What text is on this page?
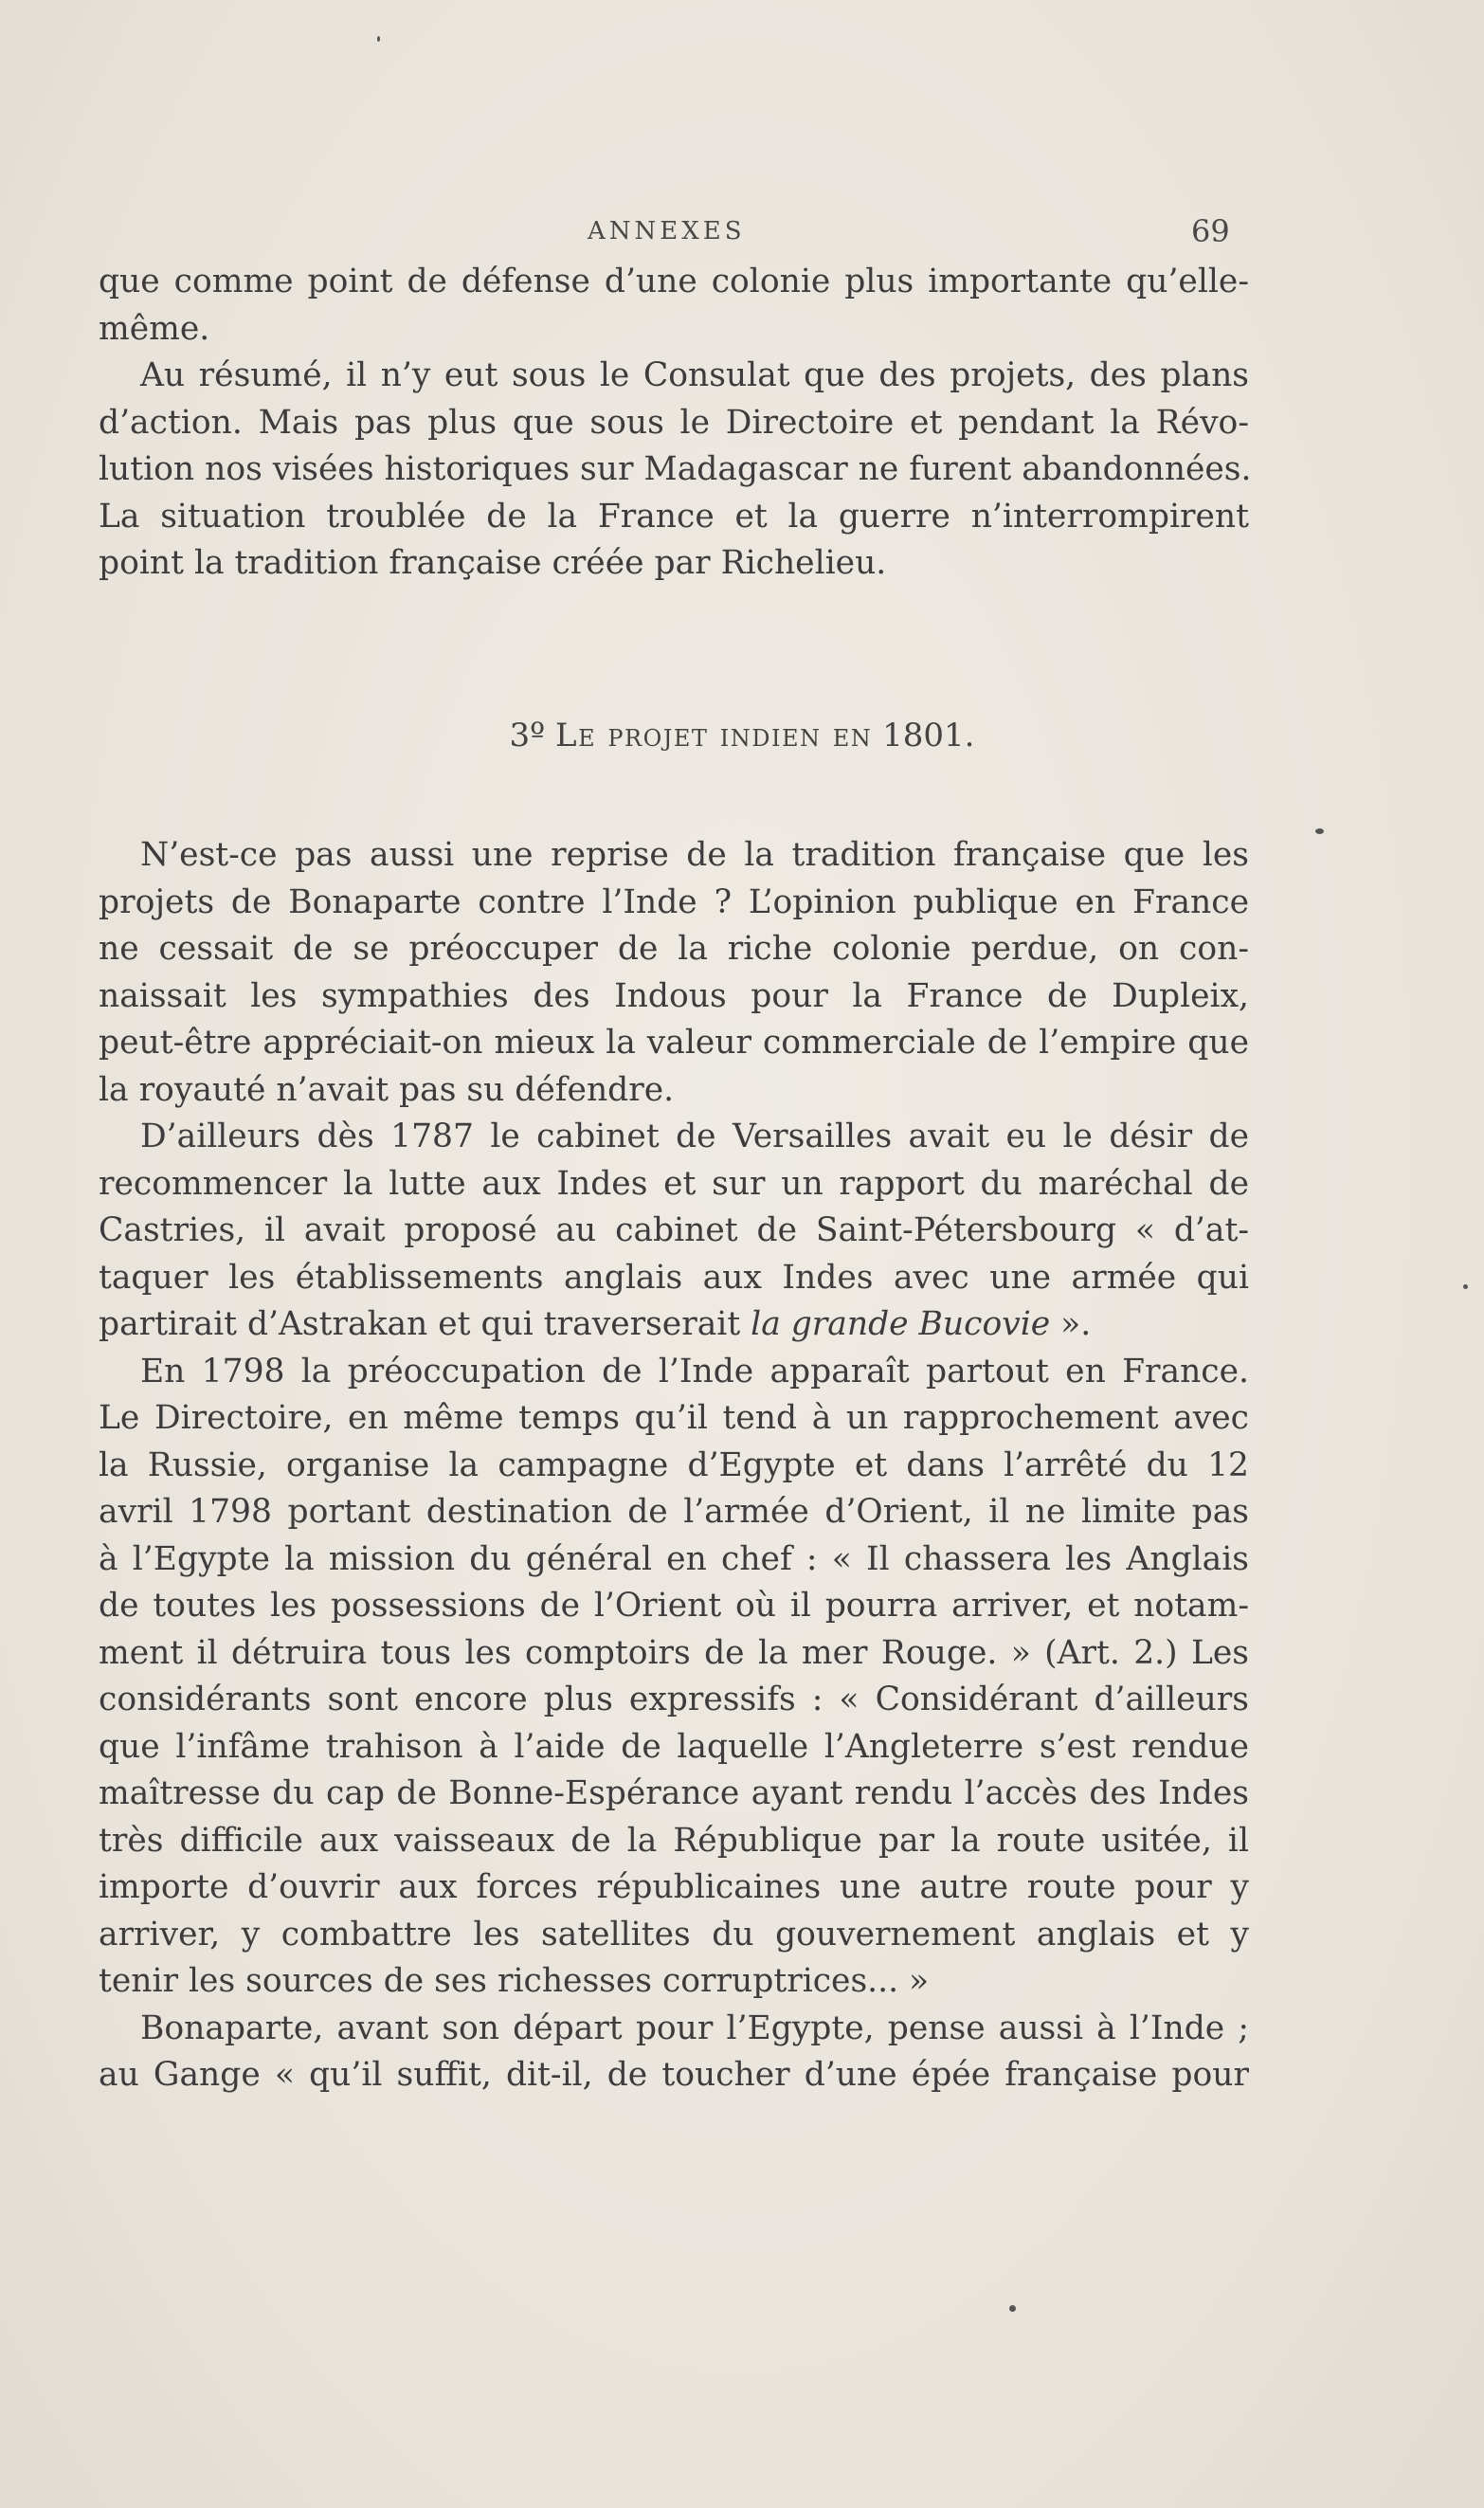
ANNEXES	69
que comme point de défense d’une colonie plus importante qu’elle-
même.
Au résumé, il n’y eut sous le Consulat que des projets, des plans
d’action. Mais pas plus que sous le Directoire et pendant la Révo-
lution nos visées historiques sur Madagascar ne furent abandonnées.
La situation troublée de la France et la guerre n’interrompirent
point la tradition française créée par Richelieu.
3º Le projet indien en 1801.
N’est-ce pas aussi une reprise de la tradition française que les
projets de Bonaparte contre l’Inde ? L’opinion publique en France
ne cessait de se préoccuper de la riche colonie perdue, on con-
naissait les sympathies des Indous pour la France de Dupleix,
peut-être appréciait-on mieux la valeur commerciale de l’empire que
la royauté n’avait pas su défendre.
D’ailleurs dès 1787 le cabinet de Versailles avait eu le désir de
recommencer la lutte aux Indes et sur un rapport du maréchal de
Castries, il avait proposé au cabinet de Saint-Pétersbourg « d’at-
taquer les établissements anglais aux Indes avec une armée qui
partirait d’Astrakan et qui traverserait la grande Bucovie ».
En 1798 la préoccupation de l’Inde apparaît partout en France.
Le Directoire, en même temps qu’il tend à un rapprochement avec
la Russie, organise la campagne d’Egypte et dans l’arrêté du 12
avril 1798 portant destination de l’armée d’Orient, il ne limite pas
à l’Egypte la mission du général en chef : « Il chassera les Anglais
de toutes les possessions de l’Orient où il pourra arriver, et notam-
ment il détruira tous les comptoirs de la mer Rouge. » (Art. 2.) Les
considérants sont encore plus expressifs : « Considérant d’ailleurs
que l’infâme trahison à l’aide de laquelle l’Angleterre s’est rendue
maîtresse du cap de Bonne-Espérance ayant rendu l’accès des Indes
très difficile aux vaisseaux de la République par la route usitée, il
importe d’ouvrir aux forces républicaines une autre route pour y
arriver, y combattre les satellites du gouvernement anglais et y
tenir les sources de ses richesses corruptrices... »
Bonaparte, avant son départ pour l’Egypte, pense aussi à l’Inde ;
au Gange « qu’il suffit, dit-il, de toucher d’une épée française pour
